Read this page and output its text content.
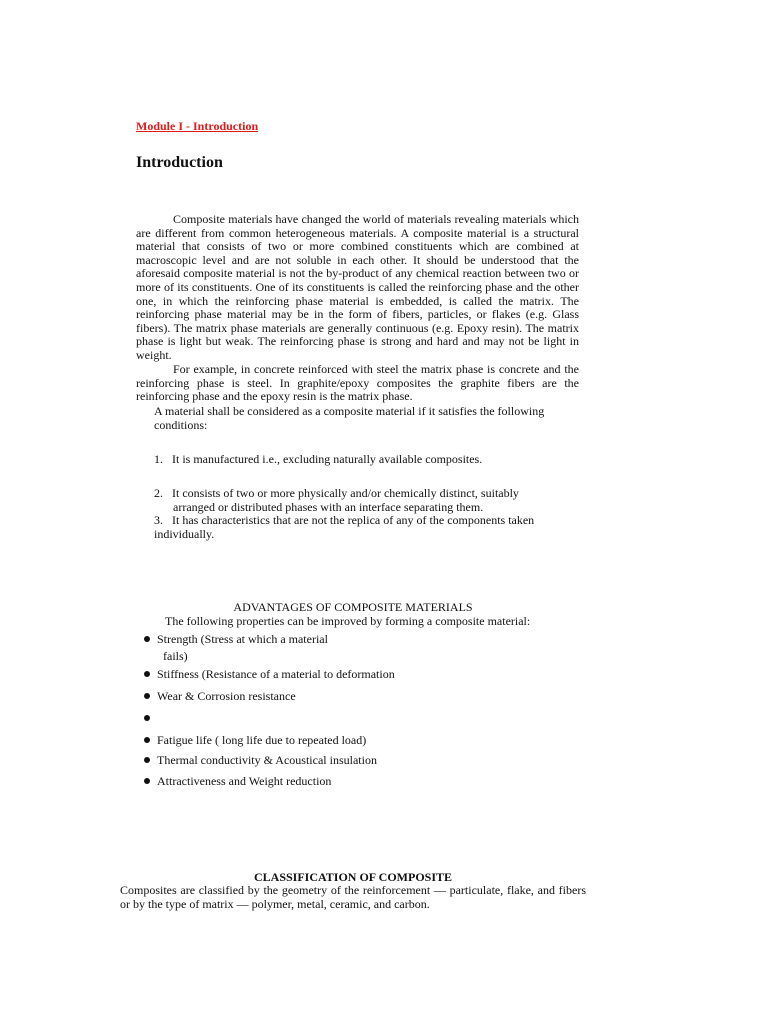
Module I - Introduction
Introduction
Composite materials have changed the world of materials revealing materials which are different from common heterogeneous materials. A composite material is a structural material that consists of two or more combined constituents which are combined at macroscopic level and are not soluble in each other. It should be understood that the aforesaid composite material is not the by-product of any chemical reaction between two or more of its constituents. One of its constituents is called the reinforcing phase and the other one, in which the reinforcing phase material is embedded, is called the matrix. The reinforcing phase material may be in the form of fibers, particles, or flakes (e.g. Glass fibers). The matrix phase materials are generally continuous (e.g. Epoxy resin). The matrix phase is light but weak. The reinforcing phase is strong and hard and may not be light in weight.
For example, in concrete reinforced with steel the matrix phase is concrete and the reinforcing phase is steel. In graphite/epoxy composites the graphite fibers are the reinforcing phase and the epoxy resin is the matrix phase.
A material shall be considered as a composite material if it satisfies the following conditions:
1. It is manufactured i.e., excluding naturally available composites.
2. It consists of two or more physically and/or chemically distinct, suitably
arranged or distributed phases with an interface separating them.
3. It has characteristics that are not the replica of any of the components taken
individually.
ADVANTAGES OF COMPOSITE MATERIALS
The following properties can be improved by forming a composite material:
Strength (Stress at which a material
fails)
Stiffness (Resistance of a material to deformation
Wear & Corrosion resistance
Fatigue life ( long life due to repeated load)
Thermal conductivity & Acoustical insulation
Attractiveness and Weight reduction
CLASSIFICATION OF COMPOSITE
Composites are classified by the geometry of the reinforcement — particulate, flake, and fibers or by the type of matrix — polymer, metal, ceramic, and carbon.
